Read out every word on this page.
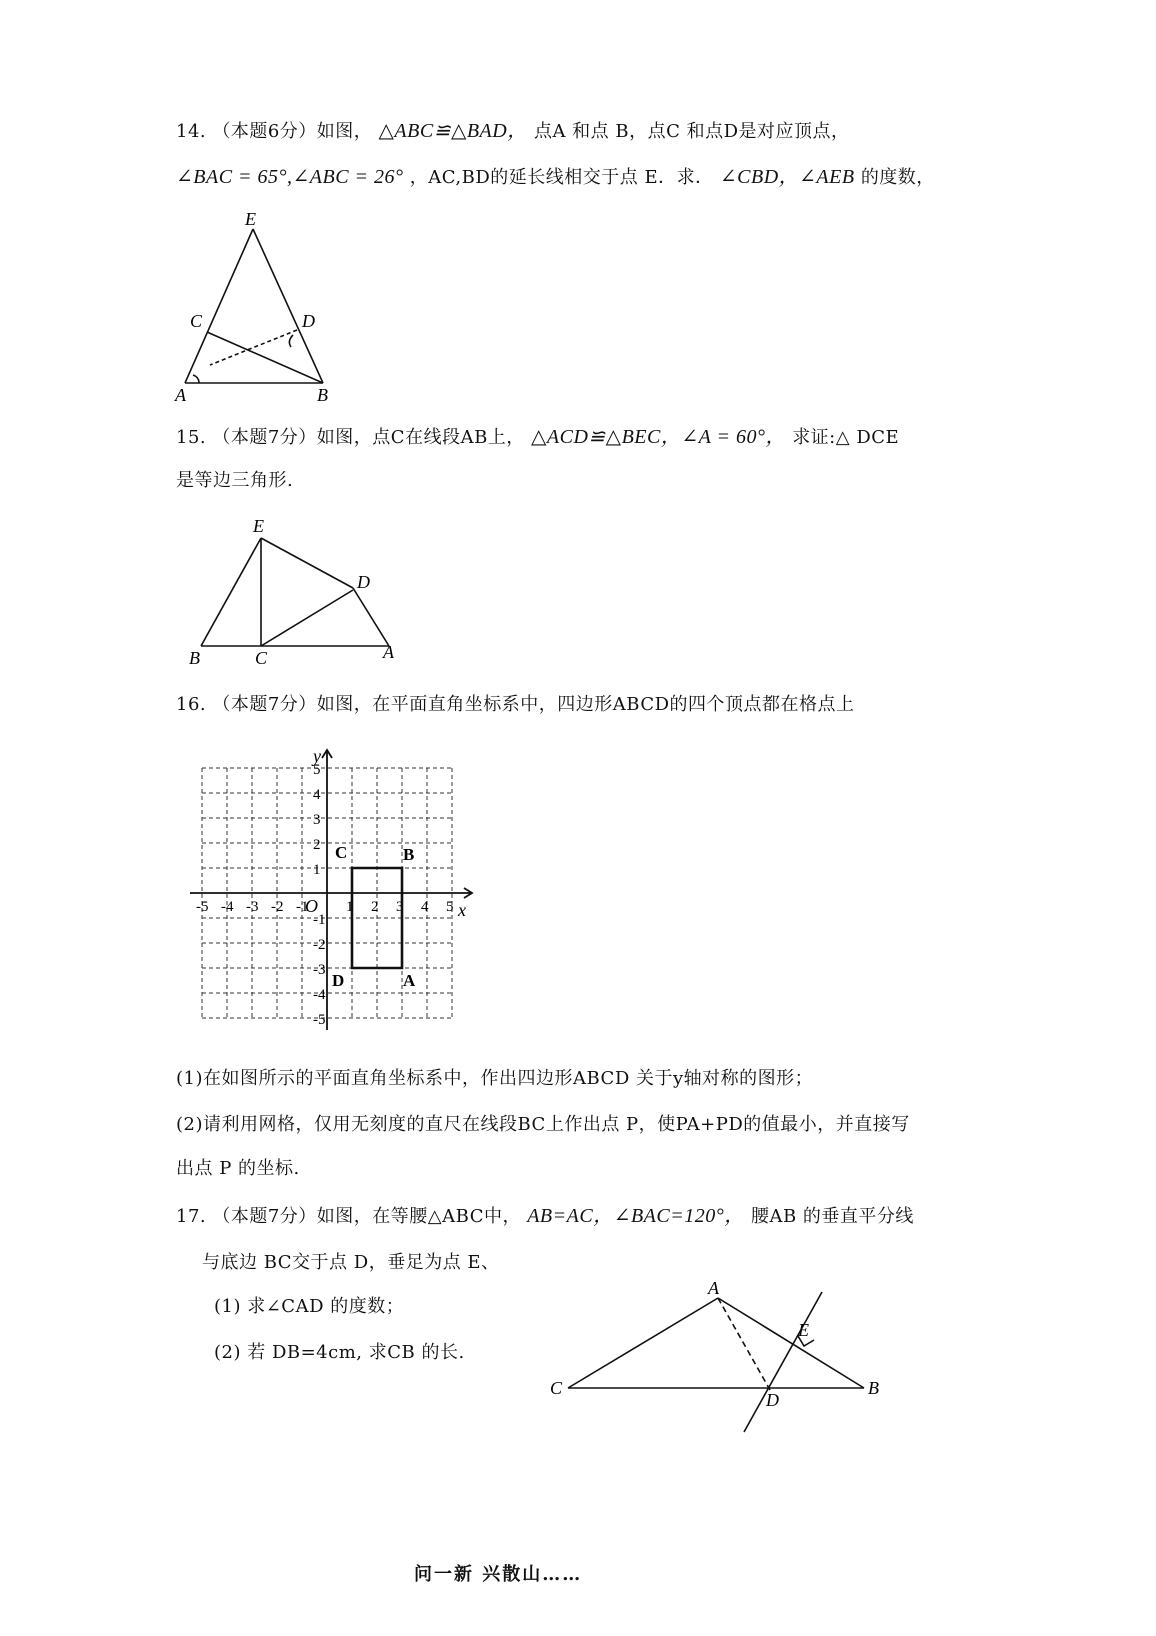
14. （本题6分）如图， △ABC≌△BAD， 点A 和点 B，点C 和点D是对应顶点，
∠BAC = 65°,∠ABC = 26° ，AC,BD的延长线相交于点 E．求． ∠CBD，∠AEB 的度数，
E
C	D
A	B
15. （本题7分）如图，点C在线段AB上， △ACD≌△BEC，∠A = 60°， 求证:△ DCE
是等边三角形.
E
D
B	C	A
16. （本题7分）如图，在平面直角坐标系中，四边形ABCD的四个顶点都在格点上
-5 -4 -3 -2 -1	1 2 3 4 5
5
4
3
2
1
-1
-2
-3
-4
-5
y
x
O
C	B
D	A
(1)在如图所示的平面直角坐标系中，作出四边形ABCD 关于y轴对称的图形；
(2)请利用网格，仅用无刻度的直尺在线段BC上作出点 P，使PA+PD的值最小，并直接写
出点 P 的坐标.
17. （本题7分）如图，在等腰△ABC中， AB=AC，∠BAC=120°， 腰AB 的垂直平分线
与底边 BC交于点 D，垂足为点 E、
(1) 求∠CAD 的度数；
(2) 若 DB=4cm, 求CB 的长.
A
E
C
D
B
问一新 兴散山……
